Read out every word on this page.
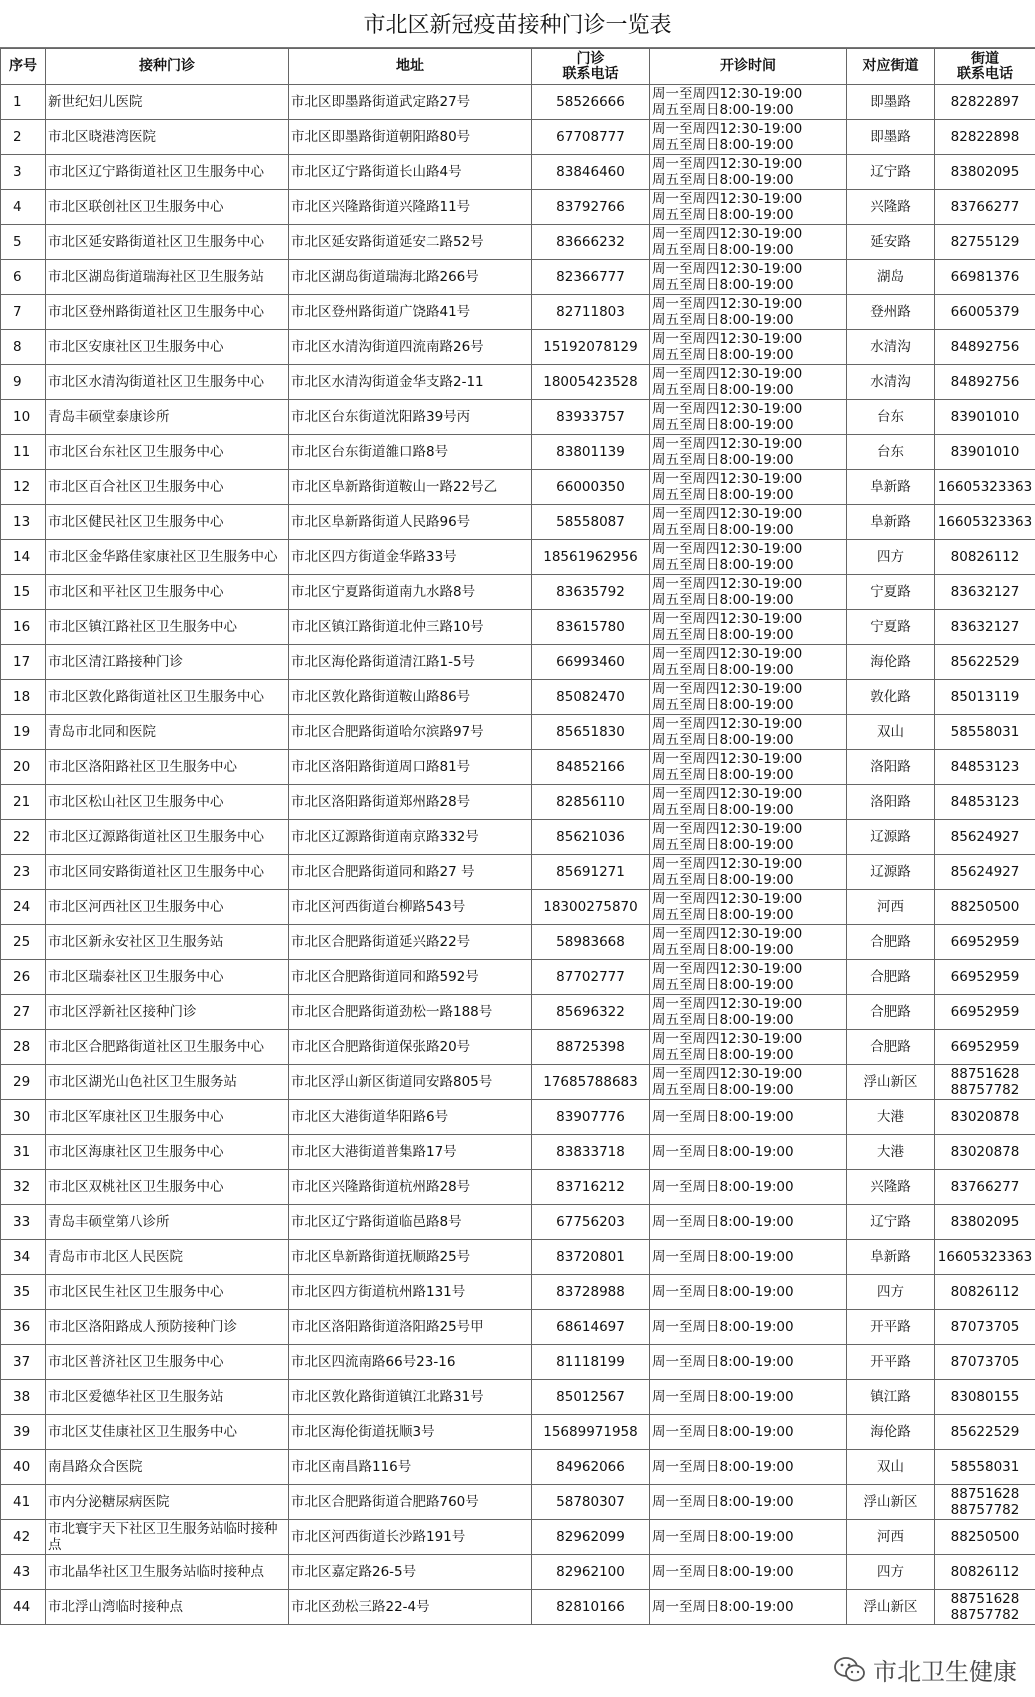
市北区新冠疫苗接种门诊一览表
序号	接种门诊	地址	门诊
联系电话	开诊时间	对应街道	街道
联系电话
1	新世纪妇儿医院	市北区即墨路街道武定路27号	58526666	周一至周四12:30-19:00
周五至周日8:00-19:00	即墨路	82822897
2	市北区晓港湾医院	市北区即墨路街道朝阳路80号	67708777	周一至周四12:30-19:00
周五至周日8:00-19:00	即墨路	82822898
3	市北区辽宁路街道社区卫生服务中心	市北区辽宁路街道长山路4号	83846460	周一至周四12:30-19:00
周五至周日8:00-19:00	辽宁路	83802095
4	市北区联创社区卫生服务中心	市北区兴隆路街道兴隆路11号	83792766	周一至周四12:30-19:00
周五至周日8:00-19:00	兴隆路	83766277
5	市北区延安路街道社区卫生服务中心	市北区延安路街道延安二路52号	83666232	周一至周四12:30-19:00
周五至周日8:00-19:00	延安路	82755129
6	市北区湖岛街道瑞海社区卫生服务站	市北区湖岛街道瑞海北路266号	82366777	周一至周四12:30-19:00
周五至周日8:00-19:00	湖岛	66981376
7	市北区登州路街道社区卫生服务中心	市北区登州路街道广饶路41号	82711803	周一至周四12:30-19:00
周五至周日8:00-19:00	登州路	66005379
8	市北区安康社区卫生服务中心	市北区水清沟街道四流南路26号	15192078129	周一至周四12:30-19:00
周五至周日8:00-19:00	水清沟	84892756
9	市北区水清沟街道社区卫生服务中心	市北区水清沟街道金华支路2-11	18005423528	周一至周四12:30-19:00
周五至周日8:00-19:00	水清沟	84892756
10	青岛丰硕堂泰康诊所	市北区台东街道沈阳路39号丙	83933757	周一至周四12:30-19:00
周五至周日8:00-19:00	台东	83901010
11	市北区台东社区卫生服务中心	市北区台东街道雒口路8号	83801139	周一至周四12:30-19:00
周五至周日8:00-19:00	台东	83901010
12	市北区百合社区卫生服务中心	市北区阜新路街道鞍山一路22号乙	66000350	周一至周四12:30-19:00
周五至周日8:00-19:00	阜新路	16605323363
13	市北区健民社区卫生服务中心	市北区阜新路街道人民路96号	58558087	周一至周四12:30-19:00
周五至周日8:00-19:00	阜新路	16605323363
14	市北区金华路佳家康社区卫生服务中心	市北区四方街道金华路33号	18561962956	周一至周四12:30-19:00
周五至周日8:00-19:00	四方	80826112
15	市北区和平社区卫生服务中心	市北区宁夏路街道南九水路8号	83635792	周一至周四12:30-19:00
周五至周日8:00-19:00	宁夏路	83632127
16	市北区镇江路社区卫生服务中心	市北区镇江路街道北仲三路10号	83615780	周一至周四12:30-19:00
周五至周日8:00-19:00	宁夏路	83632127
17	市北区清江路接种门诊	市北区海伦路街道清江路1-5号	66993460	周一至周四12:30-19:00
周五至周日8:00-19:00	海伦路	85622529
18	市北区敦化路街道社区卫生服务中心	市北区敦化路街道鞍山路86号	85082470	周一至周四12:30-19:00
周五至周日8:00-19:00	敦化路	85013119
19	青岛市北同和医院	市北区合肥路街道哈尔滨路97号	85651830	周一至周四12:30-19:00
周五至周日8:00-19:00	双山	58558031
20	市北区洛阳路社区卫生服务中心	市北区洛阳路街道周口路81号	84852166	周一至周四12:30-19:00
周五至周日8:00-19:00	洛阳路	84853123
21	市北区松山社区卫生服务中心	市北区洛阳路街道郑州路28号	82856110	周一至周四12:30-19:00
周五至周日8:00-19:00	洛阳路	84853123
22	市北区辽源路街道社区卫生服务中心	市北区辽源路街道南京路332号	85621036	周一至周四12:30-19:00
周五至周日8:00-19:00	辽源路	85624927
23	市北区同安路街道社区卫生服务中心	市北区合肥路街道同和路27 号	85691271	周一至周四12:30-19:00
周五至周日8:00-19:00	辽源路	85624927
24	市北区河西社区卫生服务中心	市北区河西街道台柳路543号	18300275870	周一至周四12:30-19:00
周五至周日8:00-19:00	河西	88250500
25	市北区新永安社区卫生服务站	市北区合肥路街道延兴路22号	58983668	周一至周四12:30-19:00
周五至周日8:00-19:00	合肥路	66952959
26	市北区瑞泰社区卫生服务中心	市北区合肥路街道同和路592号	87702777	周一至周四12:30-19:00
周五至周日8:00-19:00	合肥路	66952959
27	市北区浮新社区接种门诊	市北区合肥路街道劲松一路188号	85696322	周一至周四12:30-19:00
周五至周日8:00-19:00	合肥路	66952959
28	市北区合肥路街道社区卫生服务中心	市北区合肥路街道保张路20号	88725398	周一至周四12:30-19:00
周五至周日8:00-19:00	合肥路	66952959
29	市北区湖光山色社区卫生服务站	市北区浮山新区街道同安路805号	17685788683	周一至周四12:30-19:00
周五至周日8:00-19:00	浮山新区	88751628
88757782
30	市北区军康社区卫生服务中心	市北区大港街道华阳路6号	83907776	周一至周日8:00-19:00	大港	83020878
31	市北区海康社区卫生服务中心	市北区大港街道普集路17号	83833718	周一至周日8:00-19:00	大港	83020878
32	市北区双桃社区卫生服务中心	市北区兴隆路街道杭州路28号	83716212	周一至周日8:00-19:00	兴隆路	83766277
33	青岛丰硕堂第八诊所	市北区辽宁路街道临邑路8号	67756203	周一至周日8:00-19:00	辽宁路	83802095
34	青岛市市北区人民医院	市北区阜新路街道抚顺路25号	83720801	周一至周日8:00-19:00	阜新路	16605323363
35	市北区民生社区卫生服务中心	市北区四方街道杭州路131号	83728988	周一至周日8:00-19:00	四方	80826112
36	市北区洛阳路成人预防接种门诊	市北区洛阳路街道洛阳路25号甲	68614697	周一至周日8:00-19:00	开平路	87073705
37	市北区普济社区卫生服务中心	市北区四流南路66号23-16	81118199	周一至周日8:00-19:00	开平路	87073705
38	市北区爱德华社区卫生服务站	市北区敦化路街道镇江北路31号	85012567	周一至周日8:00-19:00	镇江路	83080155
39	市北区艾佳康社区卫生服务中心	市北区海伦街道抚顺3号	15689971958	周一至周日8:00-19:00	海伦路	85622529
40	南昌路众合医院	市北区南昌路116号	84962066	周一至周日8:00-19:00	双山	58558031
41	市内分泌糖尿病医院	市北区合肥路街道合肥路760号	58780307	周一至周日8:00-19:00	浮山新区	88751628
88757782
42	市北寰宇天下社区卫生服务站临时接种点	市北区河西街道长沙路191号	82962099	周一至周日8:00-19:00	河西	88250500
43	市北晶华社区卫生服务站临时接种点	市北区嘉定路26-5号	82962100	周一至周日8:00-19:00	四方	80826112
44	市北浮山湾临时接种点	市北区劲松三路22-4号	82810166	周一至周日8:00-19:00	浮山新区	88751628
88757782
市北卫生健康
